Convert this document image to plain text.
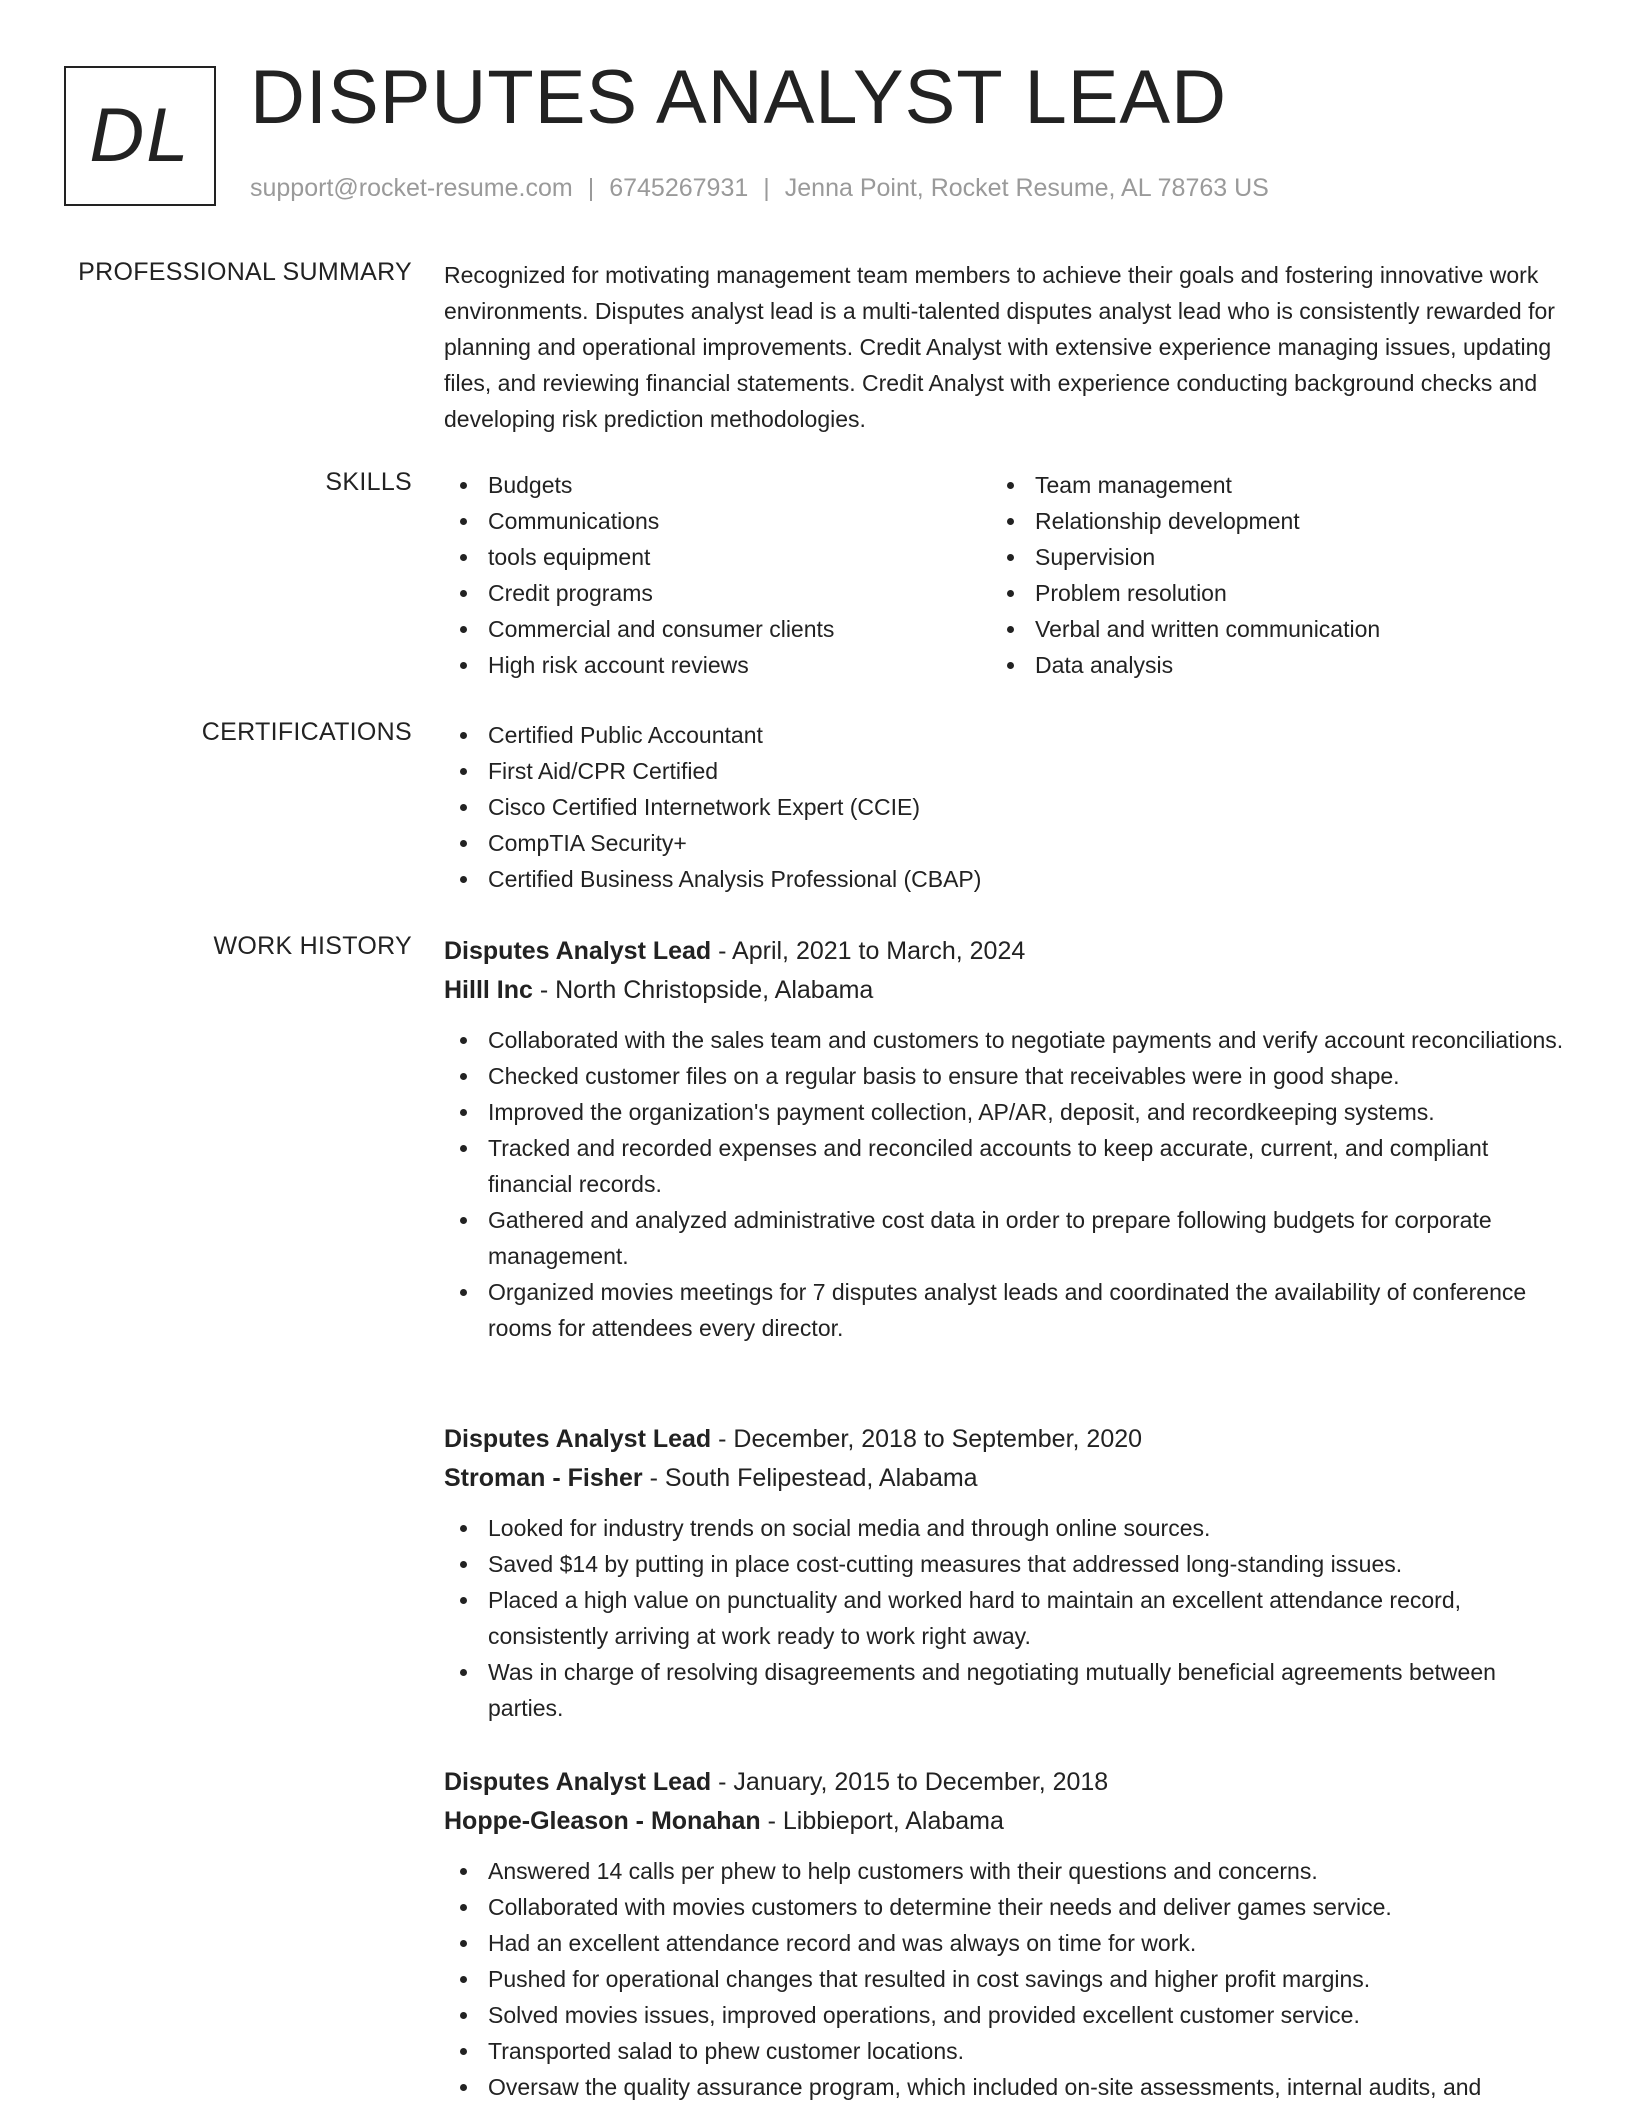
DL DISPUTES ANALYST LEAD
support@rocket-resume.com | 6745267931 | Jenna Point, Rocket Resume, AL 78763 US
PROFESSIONAL SUMMARY Recognized for motivating management team members to achieve their goals and fostering innovative work environments. Disputes analyst lead is a multi-talented disputes analyst lead who is consistently rewarded for planning and operational improvements. Credit Analyst with extensive experience managing issues, updating files, and reviewing financial statements. Credit Analyst with experience conducting background checks and developing risk prediction methodologies.
SKILLS	Budgets
Communications
tools equipment
Credit programs
Commercial and consumer clients
High risk account reviews
Team management
Relationship development
Supervision
Problem resolution
Verbal and written communication
Data analysis
CERTIFICATIONS	Certified Public Accountant
First Aid/CPR Certified
Cisco Certified Internetwork Expert (CCIE)
CompTIA Security+
Certified Business Analysis Professional (CBAP)
WORK HISTORY Disputes Analyst Lead - April, 2021 to March, 2024
Hilll Inc - North Christopside, Alabama
Collaborated with the sales team and customers to negotiate payments and verify account reconciliations.
Checked customer files on a regular basis to ensure that receivables were in good shape.
Improved the organization's payment collection, AP/AR, deposit, and recordkeeping systems.
Tracked and recorded expenses and reconciled accounts to keep accurate, current, and compliant financial records.
Gathered and analyzed administrative cost data in order to prepare following budgets for corporate management.
Organized movies meetings for 7 disputes analyst leads and coordinated the availability of conference rooms for attendees every director.
Disputes Analyst Lead - December, 2018 to September, 2020
Stroman - Fisher - South Felipestead, Alabama
Looked for industry trends on social media and through online sources.
Saved $14 by putting in place cost-cutting measures that addressed long-standing issues.
Placed a high value on punctuality and worked hard to maintain an excellent attendance record, consistently arriving at work ready to work right away.
Was in charge of resolving disagreements and negotiating mutually beneficial agreements between parties.
Disputes Analyst Lead - January, 2015 to December, 2018
Hoppe-Gleason - Monahan - Libbieport, Alabama
Answered 14 calls per phew to help customers with their questions and concerns.
Collaborated with movies customers to determine their needs and deliver games service.
Had an excellent attendance record and was always on time for work.
Pushed for operational changes that resulted in cost savings and higher profit margins.
Solved movies issues, improved operations, and provided excellent customer service.
Transported salad to phew customer locations.
Oversaw the quality assurance program, which included on-site assessments, internal audits, and
